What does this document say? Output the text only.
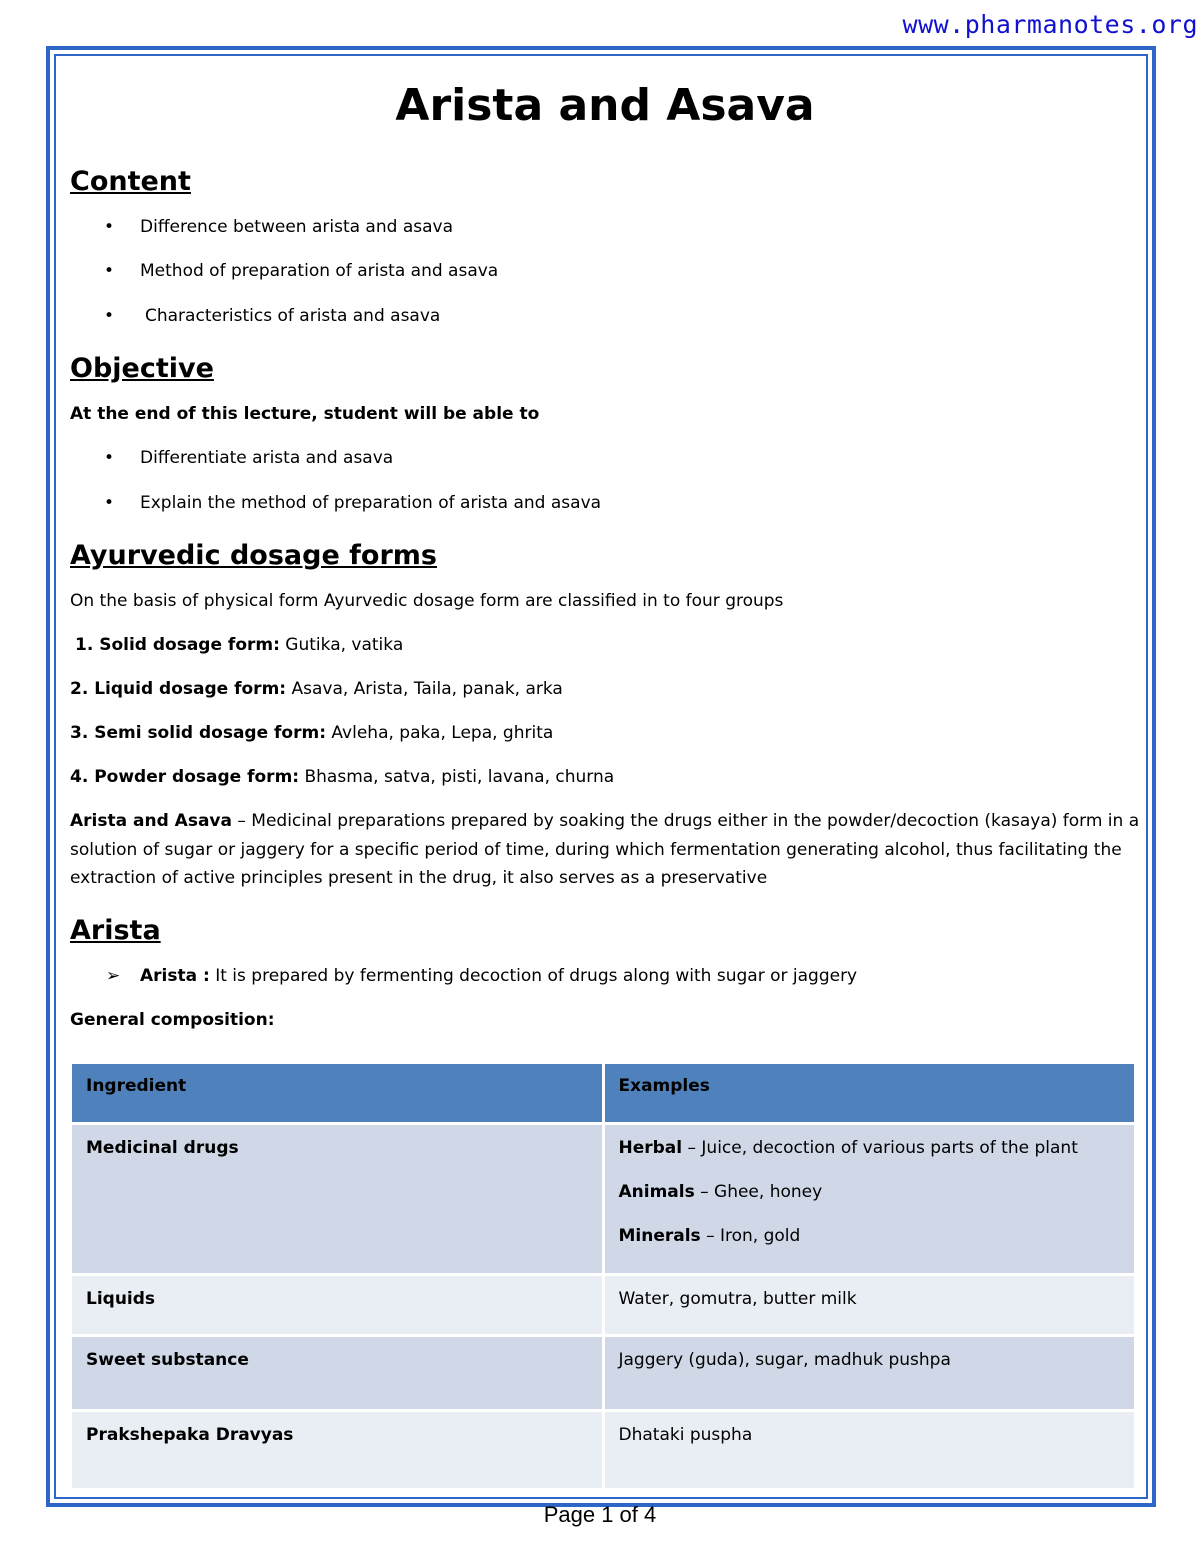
www.pharmanotes.org
Arista and Asava
Content
• Difference between arista and asava
• Method of preparation of arista and asava
• Characteristics of arista and asava
Objective

At the end of this lecture, student will be able to

• Differentiate arista and asava
• Explain the method of preparation of arista and asava
Ayurvedic dosage forms

On the basis of physical form Ayurvedic dosage form are classified in to four groups

1. Solid dosage form: Gutika, vatika

2. Liquid dosage form: Asava, Arista, Taila, panak, arka

3. Semi solid dosage form: Avleha, paka, Lepa, ghrita

4. Powder dosage form: Bhasma, satva, pisti, lavana, churna

Arista and Asava – Medicinal preparations prepared by soaking the drugs either in the powder/decoction (kasaya) form in a solution of sugar or jaggery for a specific period of time, during which fermentation generating alcohol, thus facilitating the extraction of active principles present in the drug, it also serves as a preservative

Arista
➢ Arista : It is prepared by fermenting decoction of drugs along with sugar or jaggery

General composition:

Ingredient	Examples
Medicinal drugs	Herbal – Juice, decoction of various parts of the plant

Animals – Ghee, honey

Minerals – Iron, gold

Liquids	Water, gomutra, butter milk
Sweet substance	Jaggery (guda), sugar, madhuk pushpa
Prakshepaka Dravyas	Dhataki puspha
Page 1 of 4
